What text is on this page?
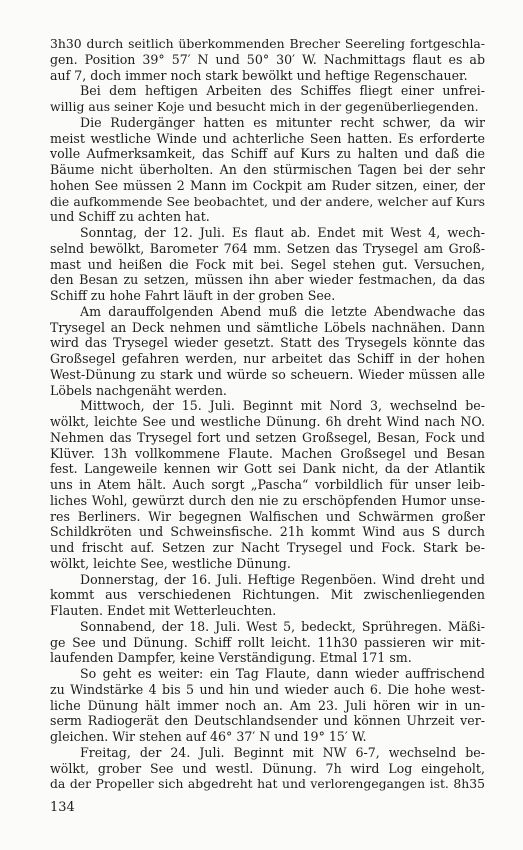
3h30 durch seitlich überkommenden Brecher Seereling fortgeschla-
gen. Position 39° 57′ N und 50° 30′ W. Nachmittags flaut es ab
auf 7, doch immer noch stark bewölkt und heftige Regenschauer.
Bei dem heftigen Arbeiten des Schiffes fliegt einer unfrei-
willig aus seiner Koje und besucht mich in der gegenüberliegenden.
Die Rudergänger hatten es mitunter recht schwer, da wir
meist westliche Winde und achterliche Seen hatten. Es erforderte
volle Aufmerksamkeit, das Schiff auf Kurs zu halten und daß die
Bäume nicht überholten. An den stürmischen Tagen bei der sehr
hohen See müssen 2 Mann im Cockpit am Ruder sitzen, einer, der
die aufkommende See beobachtet, und der andere, welcher auf Kurs
und Schiff zu achten hat.
Sonntag, der 12. Juli. Es flaut ab. Endet mit West 4, wech-
selnd bewölkt, Barometer 764 mm. Setzen das Trysegel am Groß-
mast und heißen die Fock mit bei. Segel stehen gut. Versuchen,
den Besan zu setzen, müssen ihn aber wieder festmachen, da das
Schiff zu hohe Fahrt läuft in der groben See.
Am darauffolgenden Abend muß die letzte Abendwache das
Trysegel an Deck nehmen und sämtliche Löbels nachnähen. Dann
wird das Trysegel wieder gesetzt. Statt des Trysegels könnte das
Großsegel gefahren werden, nur arbeitet das Schiff in der hohen
West-Dünung zu stark und würde so scheuern. Wieder müssen alle
Löbels nachgenäht werden.
Mittwoch, der 15. Juli. Beginnt mit Nord 3, wechselnd be-
wölkt, leichte See und westliche Dünung. 6h dreht Wind nach NO.
Nehmen das Trysegel fort und setzen Großsegel, Besan, Fock und
Klüver. 13h vollkommene Flaute. Machen Großsegel und Besan
fest. Langeweile kennen wir Gott sei Dank nicht, da der Atlantik
uns in Atem hält. Auch sorgt „Pascha“ vorbildlich für unser leib-
liches Wohl, gewürzt durch den nie zu erschöpfenden Humor unse-
res Berliners. Wir begegnen Walfischen und Schwärmen großer
Schildkröten und Schweinsfische. 21h kommt Wind aus S durch
und frischt auf. Setzen zur Nacht Trysegel und Fock. Stark be-
wölkt, leichte See, westliche Dünung.
Donnerstag, der 16. Juli. Heftige Regenböen. Wind dreht und
kommt aus verschiedenen Richtungen. Mit zwischenliegenden
Flauten. Endet mit Wetterleuchten.
Sonnabend, der 18. Juli. West 5, bedeckt, Sprühregen. Mäßi-
ge See und Dünung. Schiff rollt leicht. 11h30 passieren wir mit-
laufenden Dampfer, keine Verständigung. Etmal 171 sm.
So geht es weiter: ein Tag Flaute, dann wieder auffrischend
zu Windstärke 4 bis 5 und hin und wieder auch 6. Die hohe west-
liche Dünung hält immer noch an. Am 23. Juli hören wir in un-
serm Radiogerät den Deutschlandsender und können Uhrzeit ver-
gleichen. Wir stehen auf 46° 37′ N und 19° 15′ W.
Freitag, der 24. Juli. Beginnt mit NW 6-7, wechselnd be-
wölkt, grober See und westl. Dünung. 7h wird Log eingeholt,
da der Propeller sich abgedreht hat und verlorengegangen ist. 8h35
134
